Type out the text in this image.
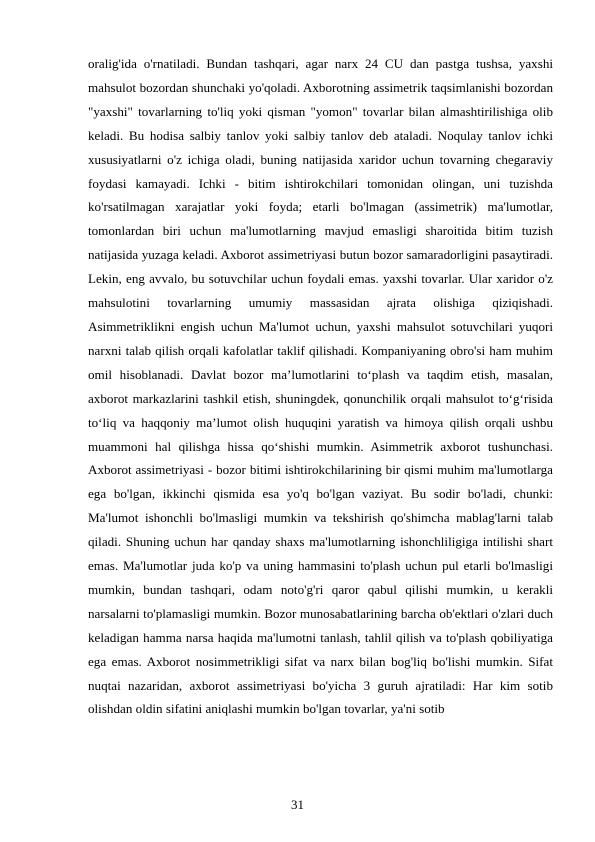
oralig'ida o'rnatiladi. Bundan tashqari, agar narx 24 CU dan pastga tushsa, yaxshi mahsulot bozordan shunchaki yo'qoladi. Axborotning assimetrik taqsimlanishi bozordan "yaxshi" tovarlarning to'liq yoki qisman "yomon" tovarlar bilan almashtirilishiga olib keladi. Bu hodisa salbiy tanlov yoki salbiy tanlov deb ataladi. Noqulay tanlov ichki xususiyatlarni o'z ichiga oladi, buning natijasida xaridor uchun tovarning chegaraviy foydasi kamayadi. Ichki - bitim ishtirokchilari tomonidan olingan, uni tuzishda ko'rsatilmagan xarajatlar yoki foyda; etarli bo'lmagan (assimetrik) ma'lumotlar, tomonlardan biri uchun ma'lumotlarning mavjud emasligi sharoitida bitim tuzish natijasida yuzaga keladi. Axborot assimetriyasi butun bozor samaradorligini pasaytiradi. Lekin, eng avvalo, bu sotuvchilar uchun foydali emas. yaxshi tovarlar. Ular xaridor o'z mahsulotini tovarlarning umumiy massasidan ajrata olishiga qiziqishadi. Asimmetriklikni engish uchun Ma'lumot uchun, yaxshi mahsulot sotuvchilari yuqori narxni talab qilish orqali kafolatlar taklif qilishadi. Kompaniyaning obro'si ham muhim omil hisoblanadi. Davlat bozor ma’lumotlarini to‘plash va taqdim etish, masalan, axborot markazlarini tashkil etish, shuningdek, qonunchilik orqali mahsulot to‘g‘risida to‘liq va haqqoniy ma’lumot olish huquqini yaratish va himoya qilish orqali ushbu muammoni hal qilishga hissa qo‘shishi mumkin. Asimmetrik axborot tushunchasi. Axborot assimetriyasi - bozor bitimi ishtirokchilarining bir qismi muhim ma'lumotlarga ega bo'lgan, ikkinchi qismida esa yo'q bo'lgan vaziyat. Bu sodir bo'ladi, chunki: Ma'lumot ishonchli bo'lmasligi mumkin va tekshirish qo'shimcha mablag'larni talab qiladi. Shuning uchun har qanday shaxs ma'lumotlarning ishonchliligiga intilishi shart emas. Ma'lumotlar juda ko'p va uning hammasini to'plash uchun pul etarli bo'lmasligi mumkin, bundan tashqari, odam noto'g'ri qaror qabul qilishi mumkin, u kerakli narsalarni to'plamasligi mumkin. Bozor munosabatlarining barcha ob'ektlari o'zlari duch keladigan hamma narsa haqida ma'lumotni tanlash, tahlil qilish va to'plash qobiliyatiga ega emas. Axborot nosimmetrikligi sifat va narx bilan bog'liq bo'lishi mumkin. Sifat nuqtai nazaridan, axborot assimetriyasi bo'yicha 3 guruh ajratiladi: Har kim sotib olishdan oldin sifatini aniqlashi mumkin bo'lgan tovarlar, ya'ni sotib

31
